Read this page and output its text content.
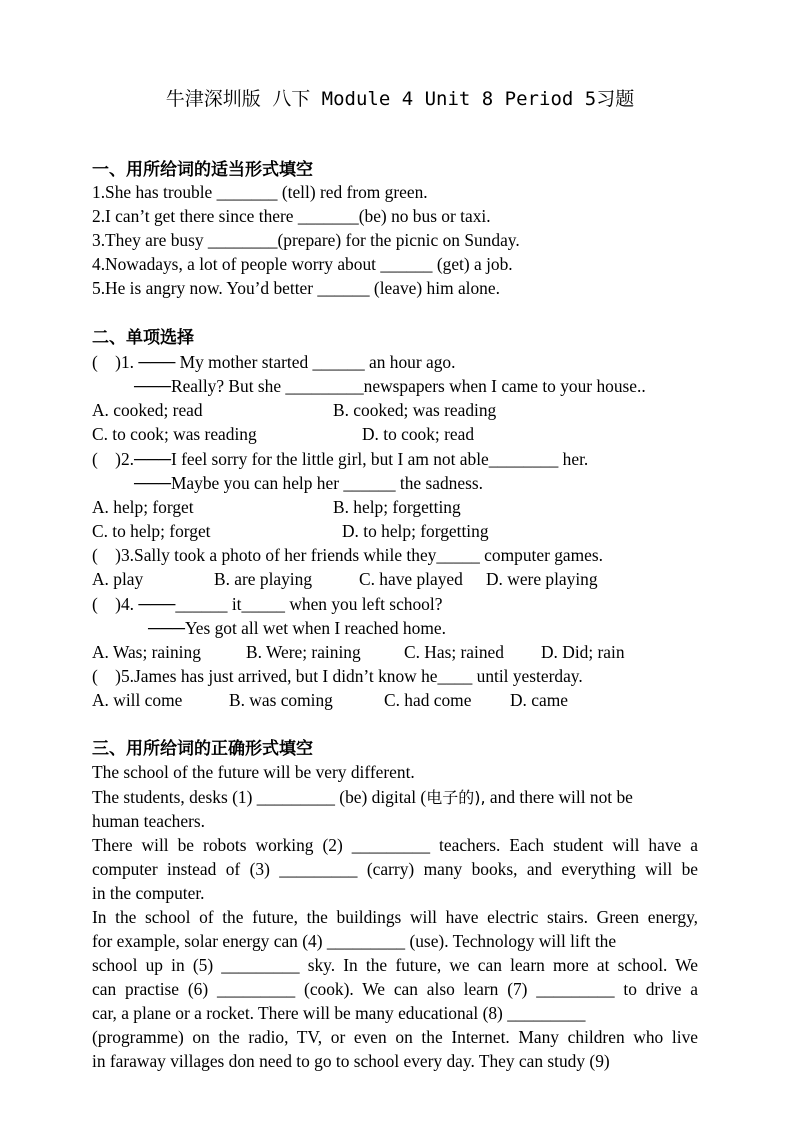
牛津深圳版 八下 Module 4 Unit 8 Period 5习题
一、用所给词的适当形式填空
1.She has trouble _______ (tell) red from green.
2.I can’t get there since there _______(be) no bus or taxi.
3.They are busy ________(prepare) for the picnic on Sunday.
4.Nowadays, a lot of people worry about ______ (get) a job.
5.He is angry now. You’d better ______ (leave) him alone.
二、单项选择
(    )1. ─── My mother started ______ an hour ago.
───Really? But she _________newspapers when I came to your house..
A. cooked; read	B. cooked; was reading
C. to cook; was reading	D. to cook; read
(    )2.───I feel sorry for the little girl, but I am not able________ her.
───Maybe you can help her ______ the sadness.
A. help; forget	B. help; forgetting
C. to help; forget	D. to help; forgetting
(    )3.Sally took a photo of her friends while they_____ computer games.
A. play	B. are playing	C. have played D. were playing
(    )4. ───______ it_____ when you left school?
───Yes got all wet when I reached home.
A. Was; raining	B. Were; raining C. Has; rained D. Did; rain
(    )5.James has just arrived, but I didn’t know he____ until yesterday.
A. will come	B. was coming	C. had come D. came
三、用所给词的正确形式填空
The school of the future will be very different.
The students, desks (1) _________ (be) digital (电子的), and there will not be
human teachers.
There will be robots working (2) _________ teachers. Each student will have a
computer instead of (3) _________ (carry) many books, and everything will be
in the computer.
In the school of the future, the buildings will have electric stairs. Green energy,
for example, solar energy can (4) _________ (use). Technology will lift the
school up in (5) _________ sky. In the future, we can learn more at school. We
can practise (6) _________ (cook). We can also learn (7) _________ to drive a
car, a plane or a rocket. There will be many educational (8) _________
(programme) on the radio, TV, or even on the Internet. Many children who live
in faraway villages don need to go to school every day. They can study (9)
